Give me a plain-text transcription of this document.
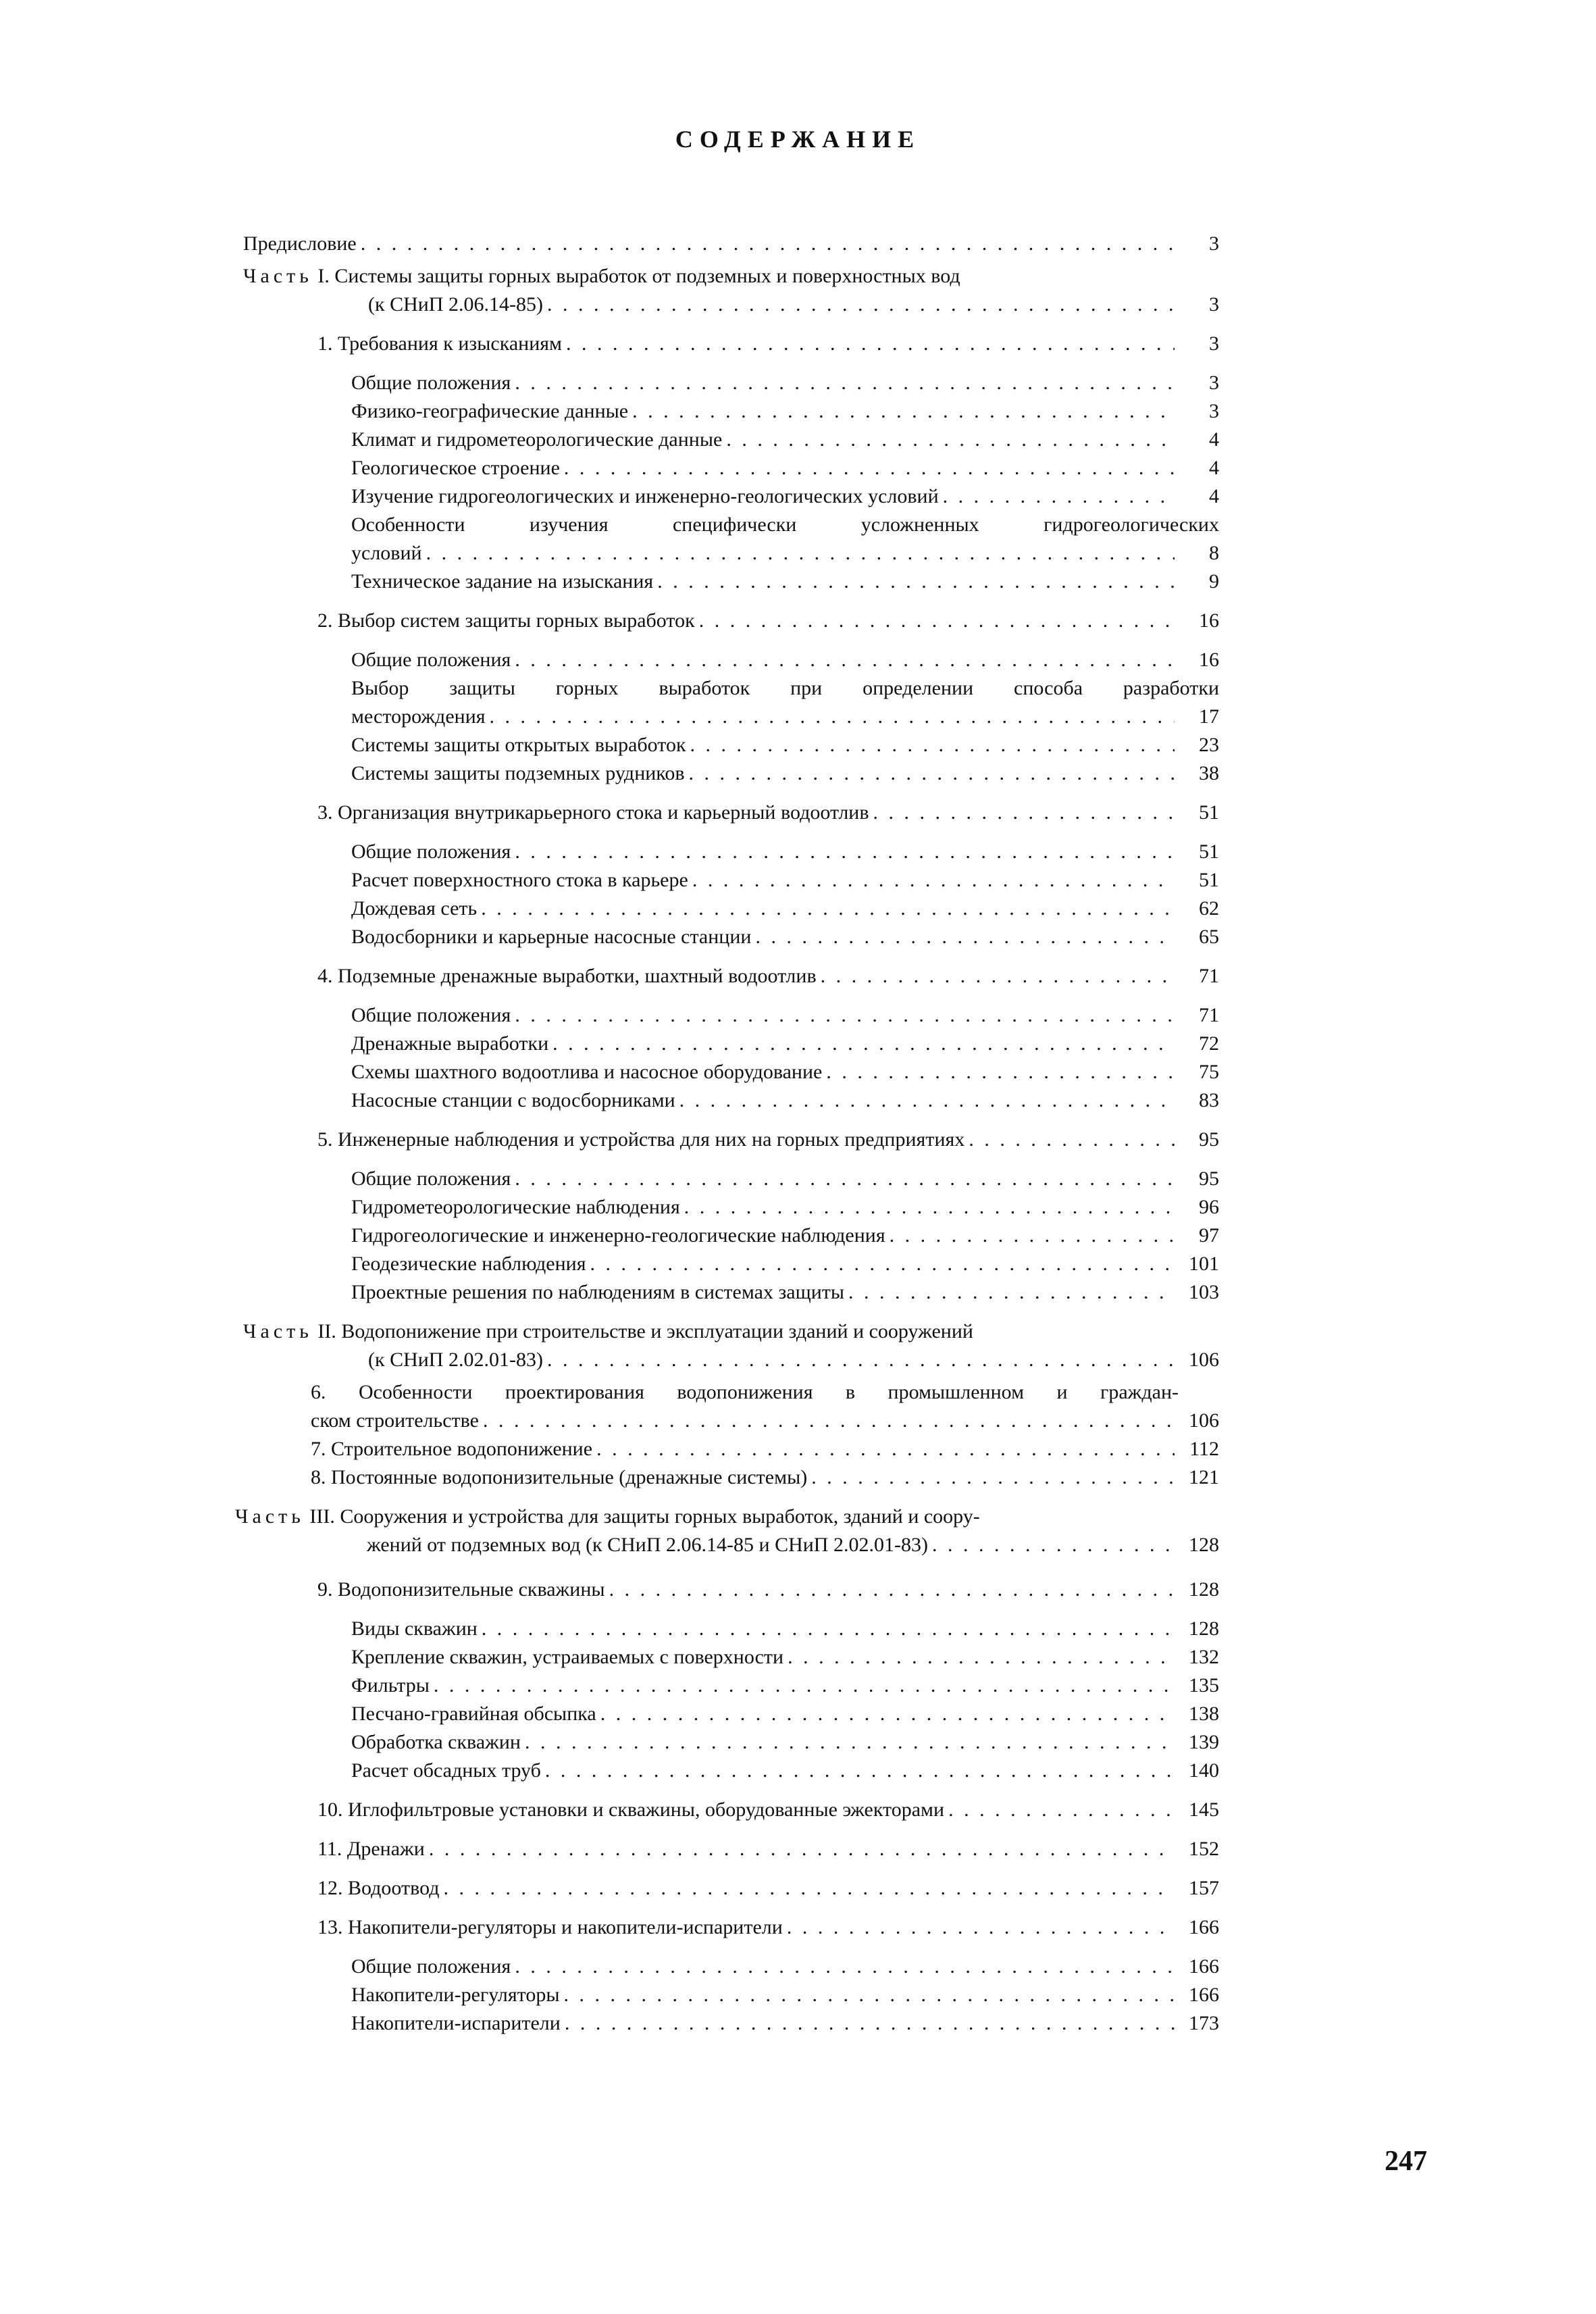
СОДЕРЖАНИЕ
Предисловие . . .	3
Часть I. Системы защиты горных выработок от подземных и поверхностных вод
(к СНиП 2.06.14-85) . . .	3
1. Требования к изысканиям . . .	3
Общие положения . . .	3
Физико-географические данные . . .	3
Климат и гидрометеорологические данные . . .	4
Геологическое строение . . .	4
Изучение гидрогеологических и инженерно-геологических условий . . .	4
Особенности изучения специфически усложненных гидрогеологических
условий . . .	8
Техническое задание на изыскания . . .	9
2. Выбор систем защиты горных выработок . . .	16
Общие положения . . .	16
Выбор защиты горных выработок при определении способа разработки
месторождения . . .	17
Системы защиты открытых выработок . . .	23
Системы защиты подземных рудников . . .	38
3. Организация внутрикарьерного стока и карьерный водоотлив . . .	51
Общие положения . . .	51
Расчет поверхностного стока в карьере . . .	51
Дождевая сеть . . .	62
Водосборники и карьерные насосные станции . . .	65
4. Подземные дренажные выработки, шахтный водоотлив . . .	71
Общие положения . . .	71
Дренажные выработки . . .	72
Схемы шахтного водоотлива и насосное оборудование . . .	75
Насосные станции с водосборниками . . .	83
5. Инженерные наблюдения и устройства для них на горных предприятиях . . .	95
Общие положения . . .	95
Гидрометеорологические наблюдения . . .	96
Гидрогеологические и инженерно-геологические наблюдения . . .	97
Геодезические наблюдения . . .	101
Проектные решения по наблюдениям в системах защиты . . .	103
Часть II. Водопонижение при строительстве и эксплуатации зданий и сооружений
(к СНиП 2.02.01-83) . . .	106
6. Особенности проектирования водопонижения в промышленном и граждан-
ском строительстве . . .	106
7. Строительное водопонижение . . .	112
8. Постоянные водопонизительные (дренажные системы) . . .	121
Часть III. Сооружения и устройства для защиты горных выработок, зданий и соору-
жений от подземных вод (к СНиП 2.06.14-85 и СНиП 2.02.01-83) . . .	128
9. Водопонизительные скважины . . .	128
Виды скважин . . .	128
Крепление скважин, устраиваемых с поверхности . . .	132
Фильтры . . .	135
Песчано-гравийная обсыпка . . .	138
Обработка скважин . . .	139
Расчет обсадных труб . . .	140
10. Иглофильтровые установки и скважины, оборудованные эжекторами . . .	145
11. Дренажи . . .	152
12. Водоотвод . . .	157
13. Накопители-регуляторы и накопители-испарители . . .	166
Общие положения . . .	166
Накопители-регуляторы . . .	166
Накопители-испарители . . .	173
247
